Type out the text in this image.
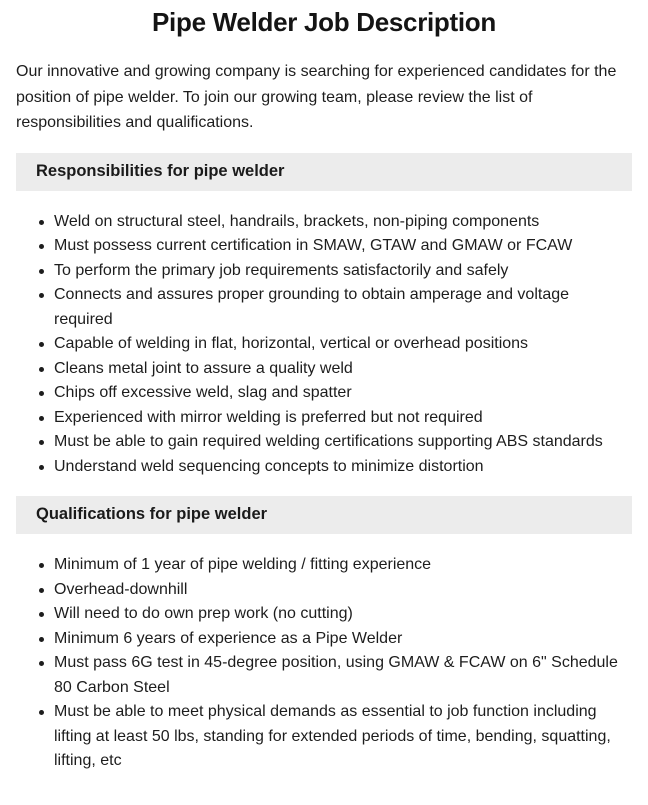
Pipe Welder Job Description

Our innovative and growing company is searching for experienced candidates for the position of pipe welder. To join our growing team, please review the list of responsibilities and qualifications.

Responsibilities for pipe welder
Weld on structural steel, handrails, brackets, non-piping components
Must possess current certification in SMAW, GTAW and GMAW or FCAW
To perform the primary job requirements satisfactorily and safely
Connects and assures proper grounding to obtain amperage and voltage required
Capable of welding in flat, horizontal, vertical or overhead positions
Cleans metal joint to assure a quality weld
Chips off excessive weld, slag and spatter
Experienced with mirror welding is preferred but not required
Must be able to gain required welding certifications supporting ABS standards
Understand weld sequencing concepts to minimize distortion
Qualifications for pipe welder
Minimum of 1 year of pipe welding / fitting experience
Overhead-downhill
Will need to do own prep work (no cutting)
Minimum 6 years of experience as a Pipe Welder
Must pass 6G test in 45-degree position, using GMAW & FCAW on 6" Schedule 80 Carbon Steel
Must be able to meet physical demands as essential to job function including lifting at least 50 lbs, standing for extended periods of time, bending, squatting, lifting, etc
